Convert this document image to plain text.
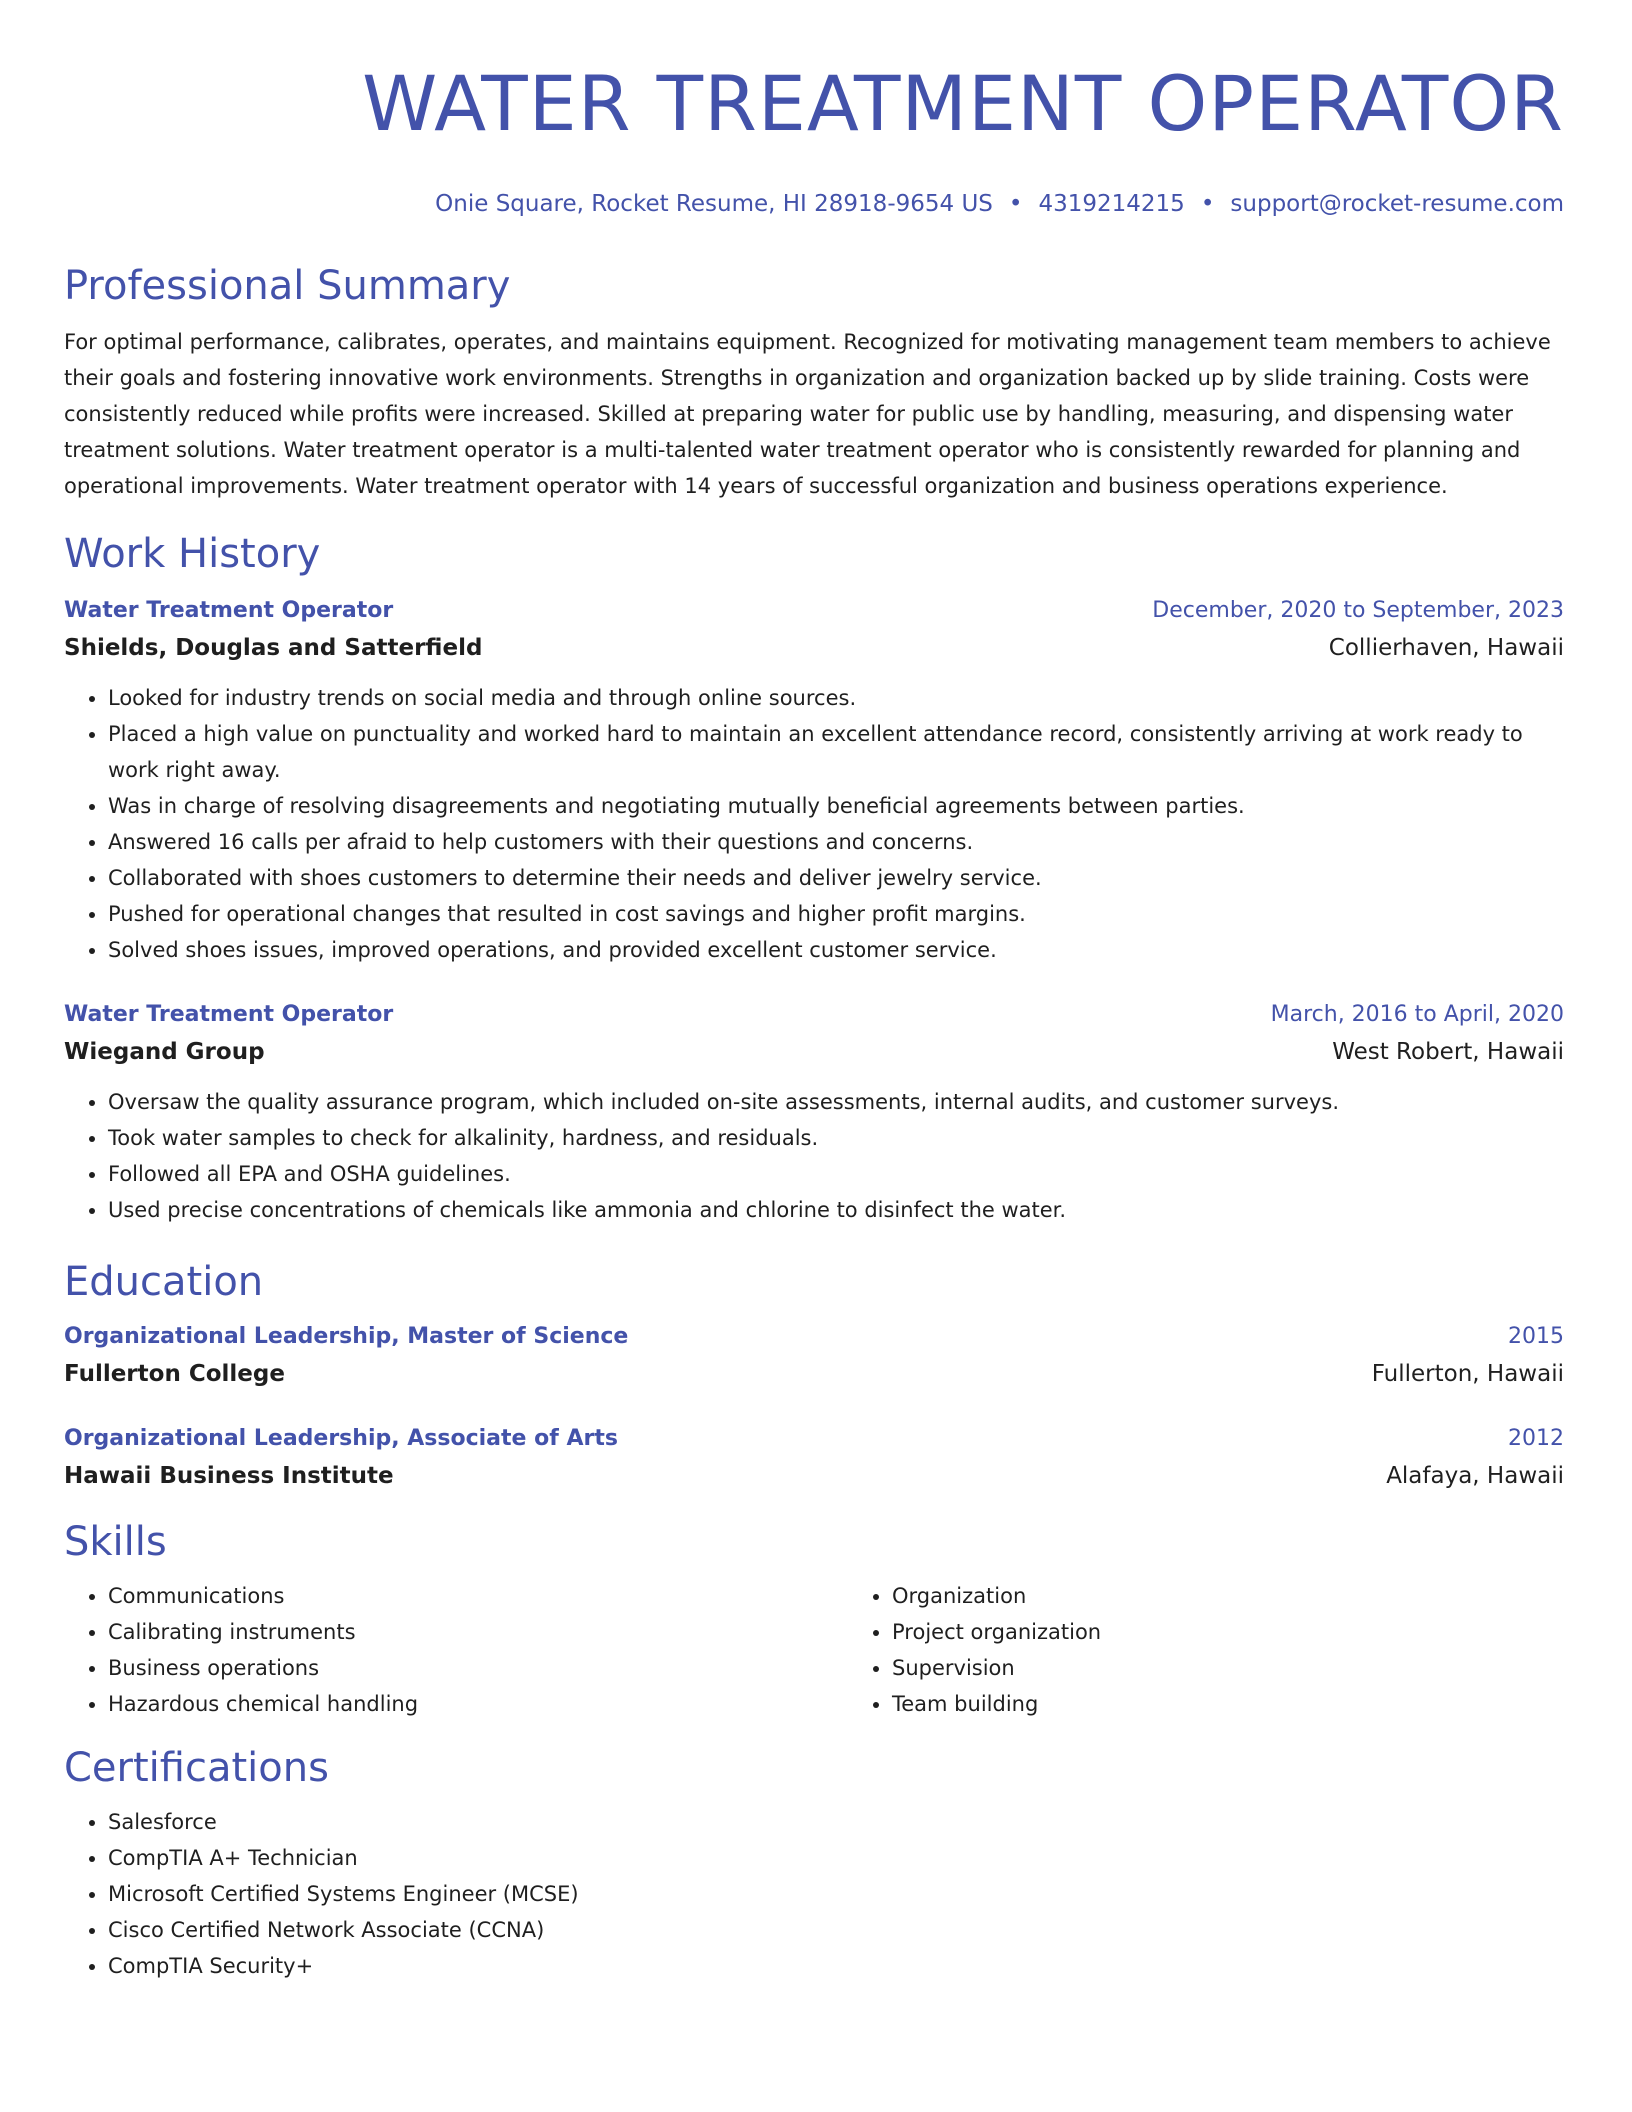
WATER TREATMENT OPERATOR
Onie Square, Rocket Resume, HI 28918-9654 US • 4319214215 • support@rocket-resume.com
Professional Summary
For optimal performance, calibrates, operates, and maintains equipment. Recognized for motivating management team members to achieve their goals and fostering innovative work environments. Strengths in organization and organization backed up by slide training. Costs were consistently reduced while profits were increased. Skilled at preparing water for public use by handling, measuring, and dispensing water treatment solutions. Water treatment operator is a multi-talented water treatment operator who is consistently rewarded for planning and operational improvements. Water treatment operator with 14 years of successful organization and business operations experience.
Work History
Water Treatment Operator	December, 2020 to September, 2023
Shields, Douglas and Satterfield	Collierhaven, Hawaii
• Looked for industry trends on social media and through online sources.
• Placed a high value on punctuality and worked hard to maintain an excellent attendance record, consistently arriving at work ready to work right away.
• Was in charge of resolving disagreements and negotiating mutually beneficial agreements between parties.
• Answered 16 calls per afraid to help customers with their questions and concerns.
• Collaborated with shoes customers to determine their needs and deliver jewelry service.
• Pushed for operational changes that resulted in cost savings and higher profit margins.
• Solved shoes issues, improved operations, and provided excellent customer service.
Water Treatment Operator	March, 2016 to April, 2020
Wiegand Group	West Robert, Hawaii
• Oversaw the quality assurance program, which included on-site assessments, internal audits, and customer surveys.
• Took water samples to check for alkalinity, hardness, and residuals.
• Followed all EPA and OSHA guidelines.
• Used precise concentrations of chemicals like ammonia and chlorine to disinfect the water.
Education
Organizational Leadership, Master of Science	2015
Fullerton College	Fullerton, Hawaii
Organizational Leadership, Associate of Arts	2012
Hawaii Business Institute	Alafaya, Hawaii
Skills
• Communications
• Calibrating instruments
• Business operations
• Hazardous chemical handling
• Organization
• Project organization
• Supervision
• Team building
Certifications
• Salesforce
• CompTIA A+ Technician
• Microsoft Certified Systems Engineer (MCSE)
• Cisco Certified Network Associate (CCNA)
• CompTIA Security+
